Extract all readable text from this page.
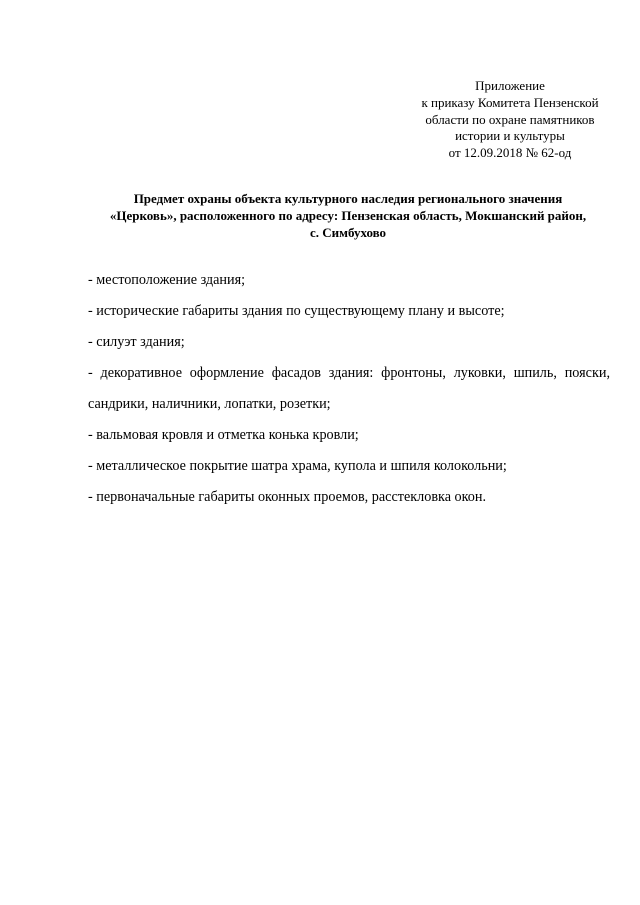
Приложение
к приказу Комитета Пензенской
области по охране памятников
истории и культуры
от 12.09.2018 № 62-од
Предмет охраны объекта культурного наследия регионального значения
«Церковь», расположенного по адресу: Пензенская область, Мокшанский район,
с. Симбухово
- местоположение здания;
- исторические габариты здания по существующему плану и высоте;
- силуэт здания;
- декоративное оформление фасадов здания: фронтоны, луковки, шпиль, пояски, сандрики, наличники, лопатки, розетки;
- вальмовая кровля и отметка конька кровли;
- металлическое покрытие шатра храма, купола и шпиля колокольни;
- первоначальные габариты оконных проемов, расстекловка окон.
